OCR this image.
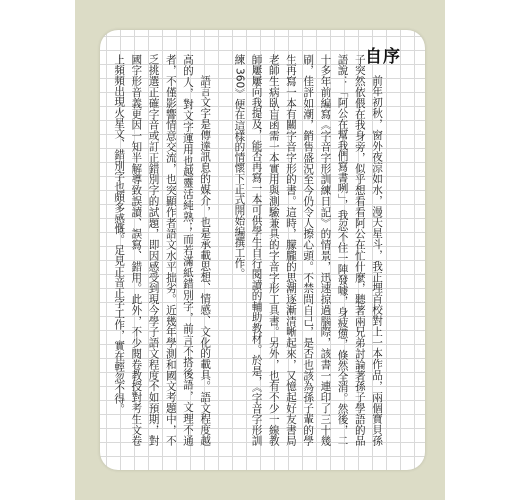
自序

前年初秋，窗外夜涼如水，漫天星斗，我正埋首校對上一本作品，兩個寶貝孫子突然依偎在我身旁，似乎想看看阿公在忙什麼，聽著兩兄弟討論著孫子學語的品語說：「阿公在幫我們寫書咧」，我忍不住一陣發噱，身疲憊，倏然全消。然後，二十多年前編寫《字音字形訓練日記》的情景，迅速掠過腦際，該書一連印了三十幾刷，佳評如潮，銷售盛況至今仍令人擦心頭。不禁問自己，是否也該為孫子輩的學生再寫一本有關字音字形的書。這時，朦朧的思潮逐漸清晰起來，又憶起好友書局老師生病臥盲函需一本實用與測驗兼具的字音字形工具書。另外，也有不少一線教師屢屢向我提及，能否再寫一本可供學生自行閱讀的輔助教材。於是，《字音字形訓練 360》便在這樣的情懷下正式開始編撰工作。

語言文字是傳達訊息的媒介，也是承載思想、情感、文化的載具。語文程度越高的人，對文字運用也越靈活純熟；而若滿紙錯別字，前言不搭後語，文理不通者，不僅影響情意交流，也突顯作者語文水平拙劣。近幾年學測和國文考題中，不乏挑選正確字音或訂正錯別字的試題，即因感受到現今學子語文程度不如預期，對國字形音義更因一知半解導致誤讀、誤寫、錯用。此外，不少閱卷教授對考生文卷上頻頻出現火星文、錯別字也頗多感慨。足見正音正字工作，實在輕忽不得。
